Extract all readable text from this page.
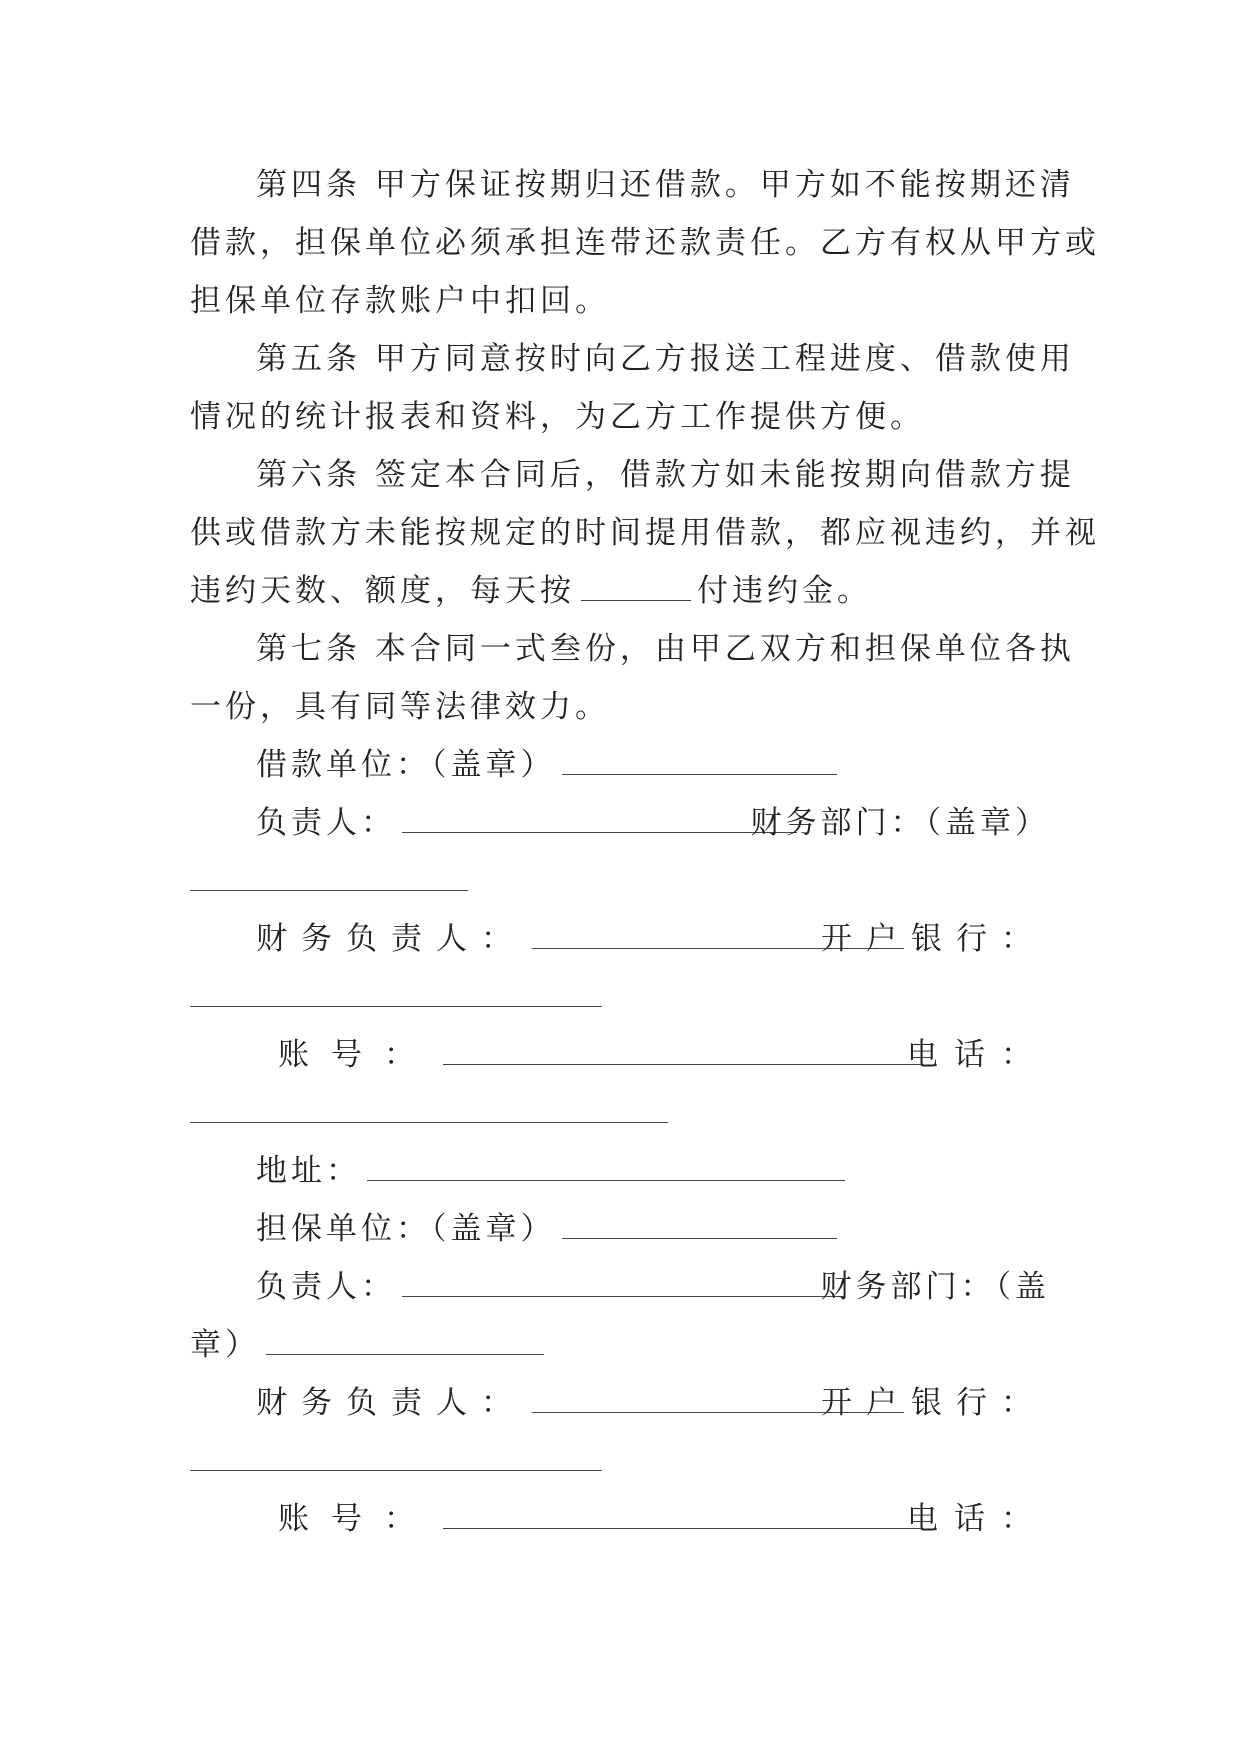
第四条 甲方保证按期归还借款。甲方如不能按期还清
借款，担保单位必须承担连带还款责任。乙方有权从甲方或
担保单位存款账户中扣回。
第五条 甲方同意按时向乙方报送工程进度、借款使用
情况的统计报表和资料，为乙方工作提供方便。
第六条 签定本合同后，借款方如未能按期向借款方提
供或借款方未能按规定的时间提用借款，都应视违约，并视
违约天数、额度，每天按	付违约金。
第七条 本合同一式叁份，由甲乙双方和担保单位各执
一份，具有同等法律效力。
借款单位：（盖章）
负责人：	财务部门：（盖章）
财务负责人：	开户银行：
账号：	电话：
地址：
担保单位：（盖章）
负责人：	财务部门：（盖
章）
财务负责人：	开户银行：
账号：	电话：
